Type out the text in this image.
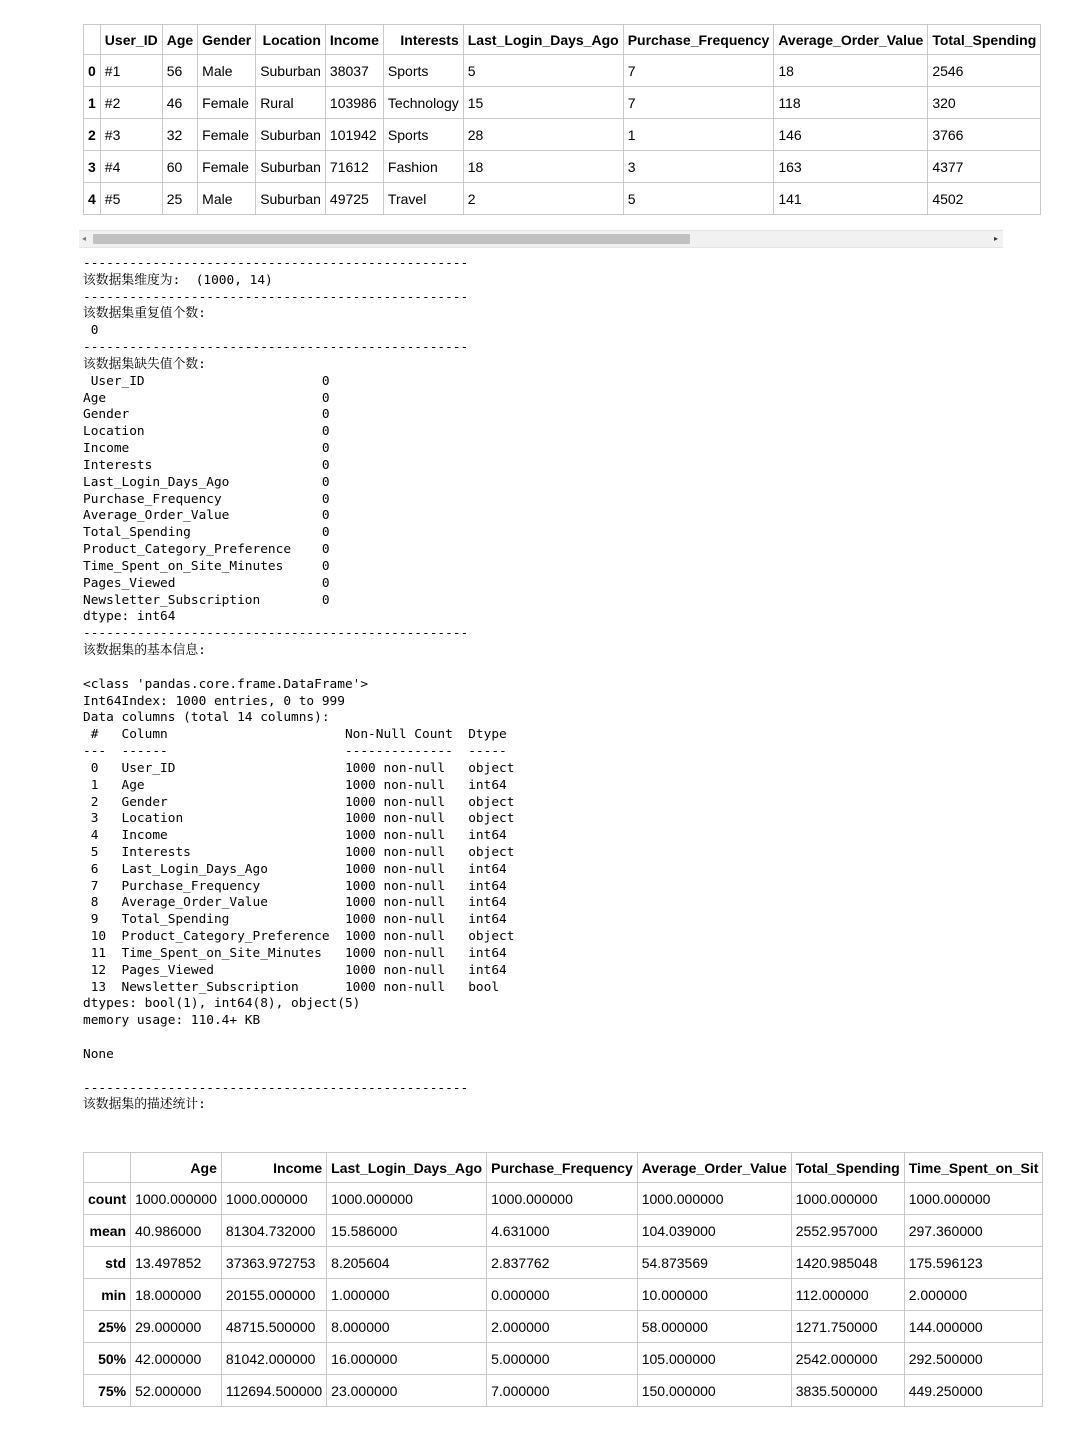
	User_ID	Age	Gender	Location	Income	Interests	Last_Login_Days_Ago	Purchase_Frequency	Average_Order_Value	Total_Spending
0	#1	56	Male	Suburban	38037	Sports	5	7	18	2546
1	#2	46	Female	Rural	103986	Technology	15	7	118	320
2	#3	32	Female	Suburban	101942	Sports	28	1	146	3766
3	#4	60	Female	Suburban	71612	Fashion	18	3	163	4377
4	#5	25	Male	Suburban	49725	Travel	2	5	141	4502
◂	▸
--------------------------------------------------
该数据集维度为:  (1000, 14)
--------------------------------------------------
该数据集重复值个数:
0
--------------------------------------------------
该数据集缺失值个数:
User_ID                       0
Age                            0
Gender                         0
Location                       0
Income                         0
Interests                      0
Last_Login_Days_Ago            0
Purchase_Frequency             0
Average_Order_Value            0
Total_Spending                 0
Product_Category_Preference    0
Time_Spent_on_Site_Minutes     0
Pages_Viewed                   0
Newsletter_Subscription        0
dtype: int64
--------------------------------------------------
该数据集的基本信息:
<class 'pandas.core.frame.DataFrame'>
Int64Index: 1000 entries, 0 to 999
Data columns (total 14 columns):
#   Column                       Non-Null Count  Dtype
---  ------                       --------------  -----
0   User_ID                      1000 non-null   object
1   Age                          1000 non-null   int64
2   Gender                       1000 non-null   object
3   Location                     1000 non-null   object
4   Income                       1000 non-null   int64
5   Interests                    1000 non-null   object
6   Last_Login_Days_Ago          1000 non-null   int64
7   Purchase_Frequency           1000 non-null   int64
8   Average_Order_Value          1000 non-null   int64
9   Total_Spending               1000 non-null   int64
10  Product_Category_Preference  1000 non-null   object
11  Time_Spent_on_Site_Minutes   1000 non-null   int64
12  Pages_Viewed                 1000 non-null   int64
13  Newsletter_Subscription      1000 non-null   bool
dtypes: bool(1), int64(8), object(5)
memory usage: 110.4+ KB
None
--------------------------------------------------
该数据集的描述统计:
	Age	Income	Last_Login_Days_Ago	Purchase_Frequency	Average_Order_Value	Total_Spending	Time_Spent_on_Sit
count	1000.000000	1000.000000	1000.000000	1000.000000	1000.000000	1000.000000	1000.000000
mean	40.986000	81304.732000	15.586000	4.631000	104.039000	2552.957000	297.360000
std	13.497852	37363.972753	8.205604	2.837762	54.873569	1420.985048	175.596123
min	18.000000	20155.000000	1.000000	0.000000	10.000000	112.000000	2.000000
25%	29.000000	48715.500000	8.000000	2.000000	58.000000	1271.750000	144.000000
50%	42.000000	81042.000000	16.000000	5.000000	105.000000	2542.000000	292.500000
75%	52.000000	112694.500000	23.000000	7.000000	150.000000	3835.500000	449.250000
